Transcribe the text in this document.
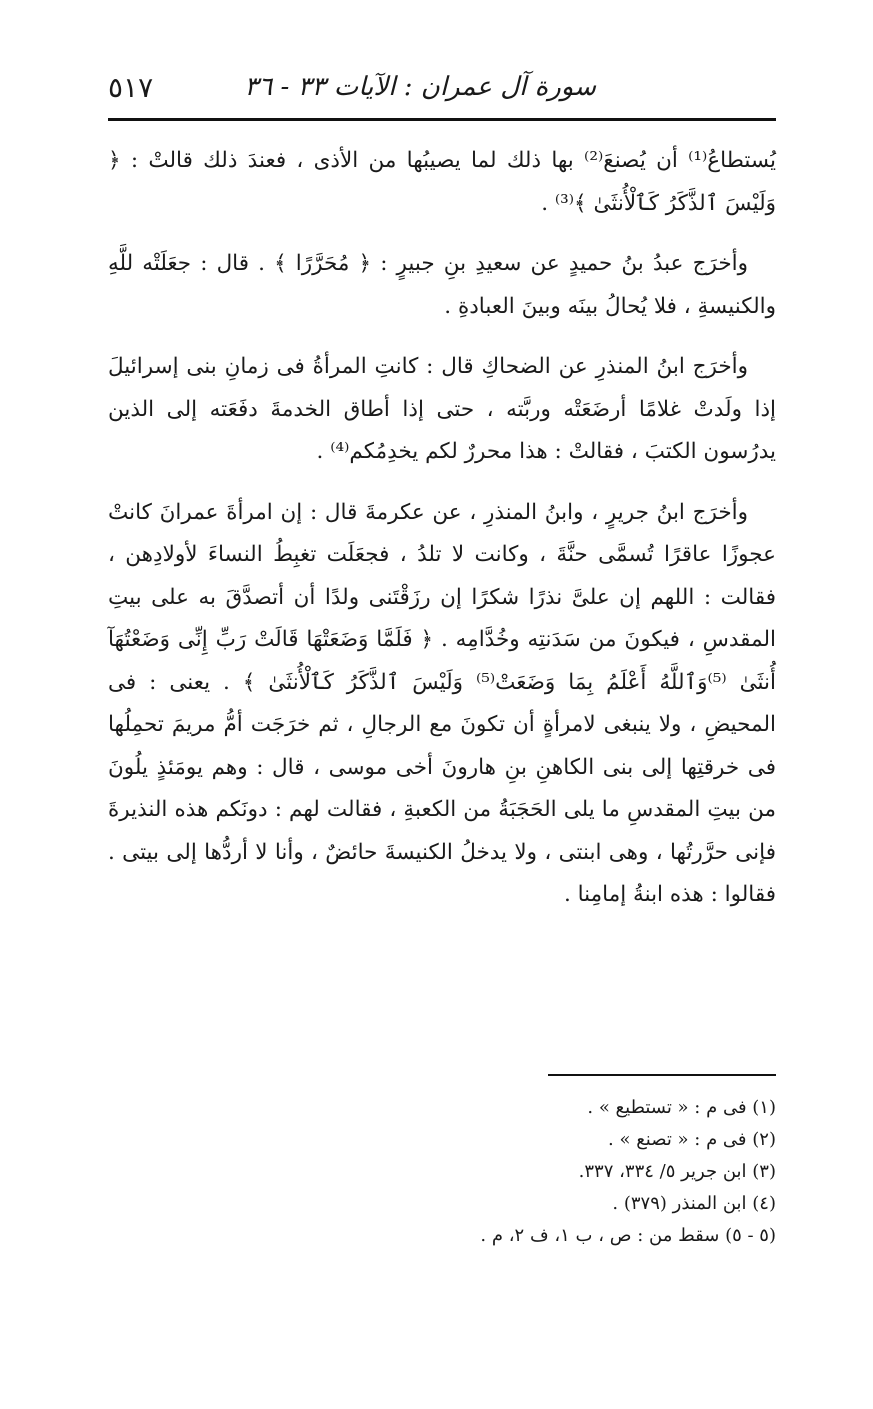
سورة آل عمران : الآيات ٣٣ - ٣٦
٥١٧

يُستطاعُ⁽¹⁾ أن يُصنعَ⁽²⁾ بها ذلك لما يصيبُها من الأذى ، فعندَ ذلك قالتْ : ﴿ وَلَيْسَ ٱلذَّكَرُ كَٱلْأُنثَىٰ ﴾⁽³⁾ .

وأخرَج عبدُ بنُ حميدٍ عن سعيدِ بنِ جبيرٍ : ﴿ مُحَرَّرًا ﴾ . قال : جعَلَتْه للَّهِ والكنيسةِ ، فلا يُحالُ بينَه وبينَ العبادةِ .

وأخرَج ابنُ المنذرِ عن الضحاكِ قال : كانتِ المرأةُ فى زمانِ بنى إسرائيلَ إذا ولَدتْ غلامًا أرضَعَتْه وربَّته ، حتى إذا أطاق الخدمةَ دفَعَته إلى الذين يدرُسون الكتبَ ، فقالتْ : هذا محررٌ لكم يخدِمُكم⁽⁴⁾ .

وأخرَج ابنُ جريرٍ ، وابنُ المنذرِ ، عن عكرمةَ قال : إن امرأةَ عمرانَ كانتْ عجوزًا عاقرًا تُسمَّى حنَّةَ ، وكانت لا تلدُ ، فجعَلَت تغبِطُ النساءَ لأولادِهن ، فقالت : اللهم إن علىَّ نذرًا شكرًا إن رزَقْتَنى ولدًا أن أتصدَّقَ به على بيتِ المقدسِ ، فيكونَ من سَدَنتِه وخُدَّامِه . ﴿ فَلَمَّا وَضَعَتْهَا قَالَتْ رَبِّ إِنِّى وَضَعْتُهَآ أُنثَىٰ ⁽⁵⁾وَٱللَّهُ أَعْلَمُ بِمَا وَضَعَتْ⁽⁵⁾ وَلَيْسَ ٱلذَّكَرُ كَٱلْأُنثَىٰ ﴾ . يعنى : فى المحيضِ ، ولا ينبغى لامرأةٍ أن تكونَ مع الرجالِ ، ثم خرَجَت أمُّ مريمَ تحمِلُها فى خرقتِها إلى بنى الكاهنِ بنِ هارونَ أخى موسى ، قال : وهم يومَئذٍ يلُونَ من بيتِ المقدسِ ما يلى الحَجَبَةُ من الكعبةِ ، فقالت لهم : دونَكم هذه النذيرةَ فإنى حرَّرتُها ، وهى ابنتى ، ولا يدخلُ الكنيسةَ حائضٌ ، وأنا لا أردُّها إلى بيتى . فقالوا : هذه ابنةُ إمامِنا .

(١) فى م : « تستطيع » .
(٢) فى م : « تصنع » .
(٣) ابن جرير ٥/ ٣٣٤، ٣٣٧.
(٤) ابن المنذر (٣٧٩) .
(٥ - ٥) سقط من : ص ، ب ١، ف ٢، م .
